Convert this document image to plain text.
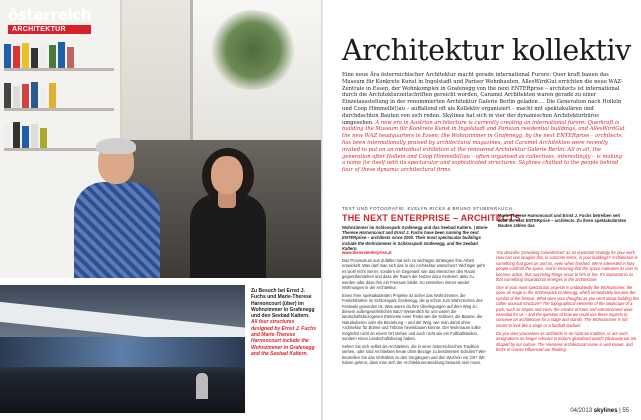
österreich
ARCHITEKTUR
Zu Besuch bei Ernst J. Fuchs und Marie-Therese Harnoncourt (über) im Wohnzimmer in Grafenegg und den Seebad Kaltern. All four structures designed by Ernst J. Fuchs and Marie-Therese Harnoncourt include the Wohnzimmer in Grafenegg and the Seebad Kaltern.
Architektur kollektiv
Eine neue Ära österreichischer Architektur macht gerade international Furore: Quer kraft bauen das Museum für Konkrete Kunst in Ingolstadt und Pariser Wohnbauten, AllesWirdGut errichten die neue WAZ-Zentrale in Essen, der Wohnkomplex in Grafenegg von the next ENTERprise – architects ist international durch die Architekturzeitschriften gereicht worden, Caramel Architekten waren gerade zu einer Einzelausstellung in der renommierten Architektur Galerie Berlin geladen … Die Generation nach Holleln und Coop Himmelb(l)au – auffallend oft als Kollektiv organisiert – macht mit spektakulären und durchdachten Bauten von sich reden. Skylines hat sich in vier der dynamischen Architekturbüros umgesehen. A new era in Austrian architecture is currently creating an international furore: Querkraft is building the Museum für Konkrete Kunst in Ingolstadt and Parisian residential buildings, and AllesWirdGut the new WAZ headquarters in Essen; the Wohnzimmer in Grafenegg, by the next ENTERprise – architects, has been internationally praised by architectural magazines, and Caramel Architekten were recently invited to put on an individual exhibition at the renowned Architektur Galerie Berlin. All in all, the generation after Hollein and Coop Himmelb(l)au – often organised as collectives, interestingly – is making a name for itself with its spectacular and sophisticated structures. Skylines chatted to the people behind four of these dynamic architectural firms.
TEXT UND FOTOGRAFIE: EVELYN RICKS & BRUNO STUBENRAUCH
THE NEXT ENTERPRISE – ARCHITECTS
Marie-Therese Harnoncourt und Ernst J. Fuchs betreiben seit 2000 the next ENTERprise – architects. Zu ihren spektakulärsten Bauten zählen das
Wohnzimmer im Schlosspark Grafenegg und das Seebad Kaltern. | Marie-Therese Harnoncourt and Ernst J. Fuchs have been running the next ENTERprise – architects since 2000. Their most spectacular buildings include the Wohnzimmer in Schlosspark Grafenegg, and the Seebad Kaltern.

www.thenextenterprise.at

Das Provisorium aus Zufällen hat sich zu wichtigen Strategien Ihre Arbeit entwickelt. Was darf man sich das in der Architektur wünschen? Wichtiger geht es wohl nicht immer, sondern im Gegenteil: wie das Menschen den Raum gegenüberstehen und dass der Raum der Nutzer dazu motiviert, aktiv zu werden oder dass ihm ein Freiraum bleibt. So entstehen immer wieder Wohnungen in der Architektur.

Eines Ihrer spektakulärsten Projekte ist sicher das Wohnzimmer, die Freilichtbühne im Schlosspark Grafenegg, die ja schon zum Wahrzeichen des Festivals geworden ist. Was waren da Ihre Überlegungen auf dem Weg zu diesem außergewöhnlichen Bau? Wesentlich für uns waren die landschaftsbezogenen Elemente einer Parks wie die Schleier, die Bäume, die Naturkulissen oder die Beziehung – und der Weg, wie man damit ohne Architektur für Bühne und Tribüne hineinbauen könnte. Der Wohnraum sollte möglichst nicht an einem Ort stehen und auch nicht wie ein Fußballstadion, sondern einen Landschaftsbezug haben.

Sehen Sie sich selbst als Architekten, die in einer österreichischen Tradition stehen, oder sind Architekten heute ohne Bezüge zu bestimmten Schulen? Wie beurteilen Sie das Verhältnis zu den Vorgängern und den Wurzeln vor Ort? Wir haben gelernt, dass man sich der Architekturentwicklung bewusst sein muss.

You describe 'provoking coincidences' as an important strategy for your work. How can one imagine this, in concrete terms, in your buildings? Architecture is something that goes on and on, even when finished. We're interested in how people confront the space, and in ensuring that the space motivates its user to become active, that surprising things occur to him or her. It's important to us that something inspirational emerges in the architecture.

One of your most spectacular projects is undoubtedly the Wohnzimmer, the open-air stage in the Schlosspark Grafenegg, which immediately became the symbol of the festival. What were your thoughts as you went about building this rather unusual structure? The topographical elements of the landscape of a park, such as slopes and trees, the crowns of trees and entrancement were essential for us – and the question of how we could use these aspects to conceive an architecture for a stage and stands. The Wohnzimmer is not meant to look like a stage or a football stadium.

Do you view yourselves as architects in an Austrian tradition, or are such assignations no longer relevant in today's globalised world? Obviously we are shaped by our culture. The Viennese architectural scene is well known, and that's of course influenced our thinking.

04/2013 skylines | 55
